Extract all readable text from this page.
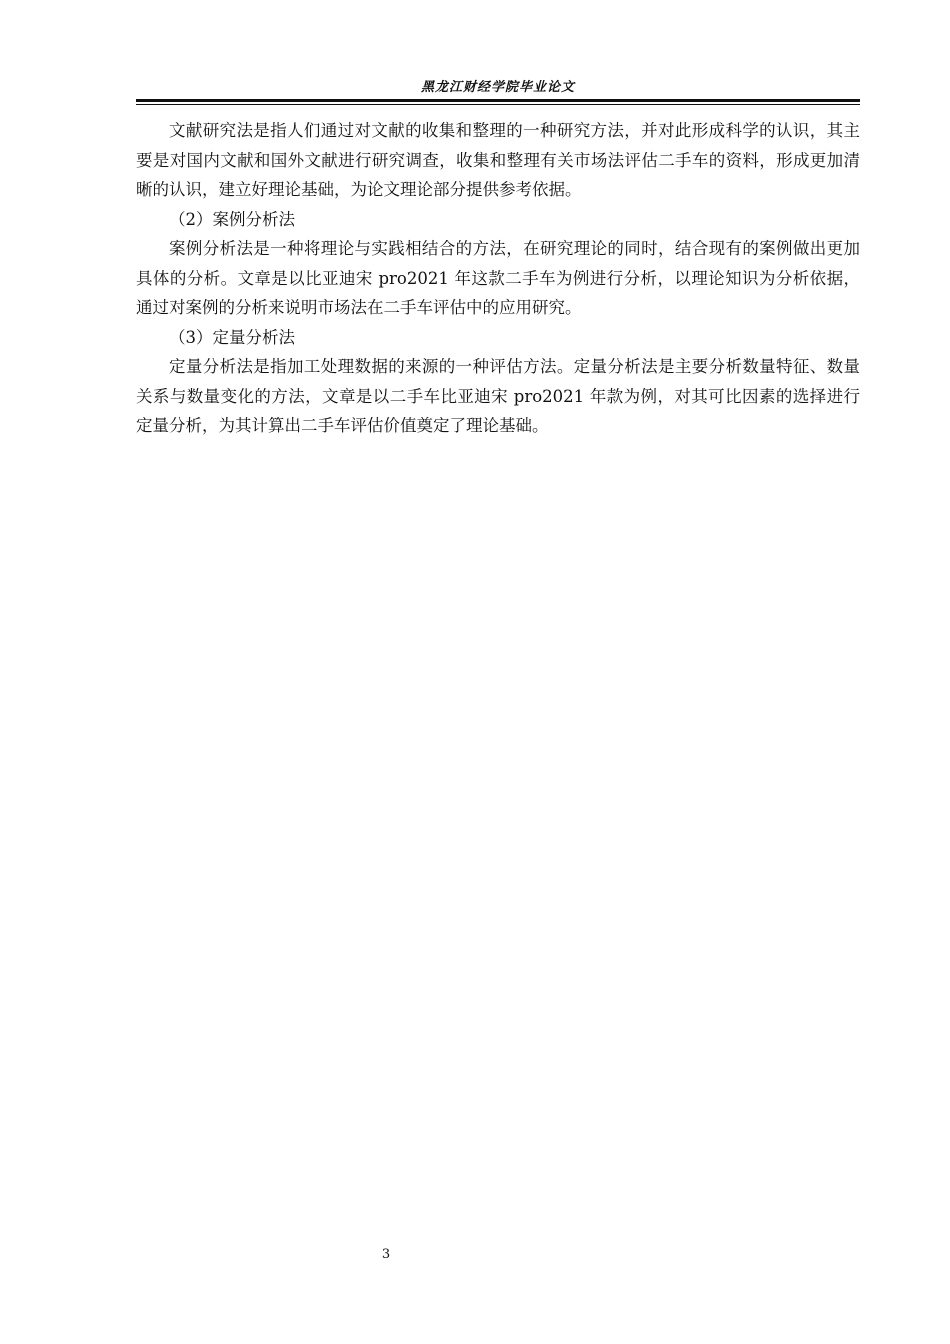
黑龙江财经学院毕业论文

文献研究法是指人们通过对文献的收集和整理的一种研究方法，并对此形成科学的认识，其主要是对国内文献和国外文献进行研究调查，收集和整理有关市场法评估二手车的资料，形成更加清晰的认识，建立好理论基础，为论文理论部分提供参考依据。

（2）案例分析法

案例分析法是一种将理论与实践相结合的方法，在研究理论的同时，结合现有的案例做出更加具体的分析。文章是以比亚迪宋 pro2021 年这款二手车为例进行分析，以理论知识为分析依据，通过对案例的分析来说明市场法在二手车评估中的应用研究。

（3）定量分析法

定量分析法是指加工处理数据的来源的一种评估方法。定量分析法是主要分析数量特征、数量关系与数量变化的方法，文章是以二手车比亚迪宋 pro2021 年款为例，对其可比因素的选择进行定量分析，为其计算出二手车评估价值奠定了理论基础。

3
